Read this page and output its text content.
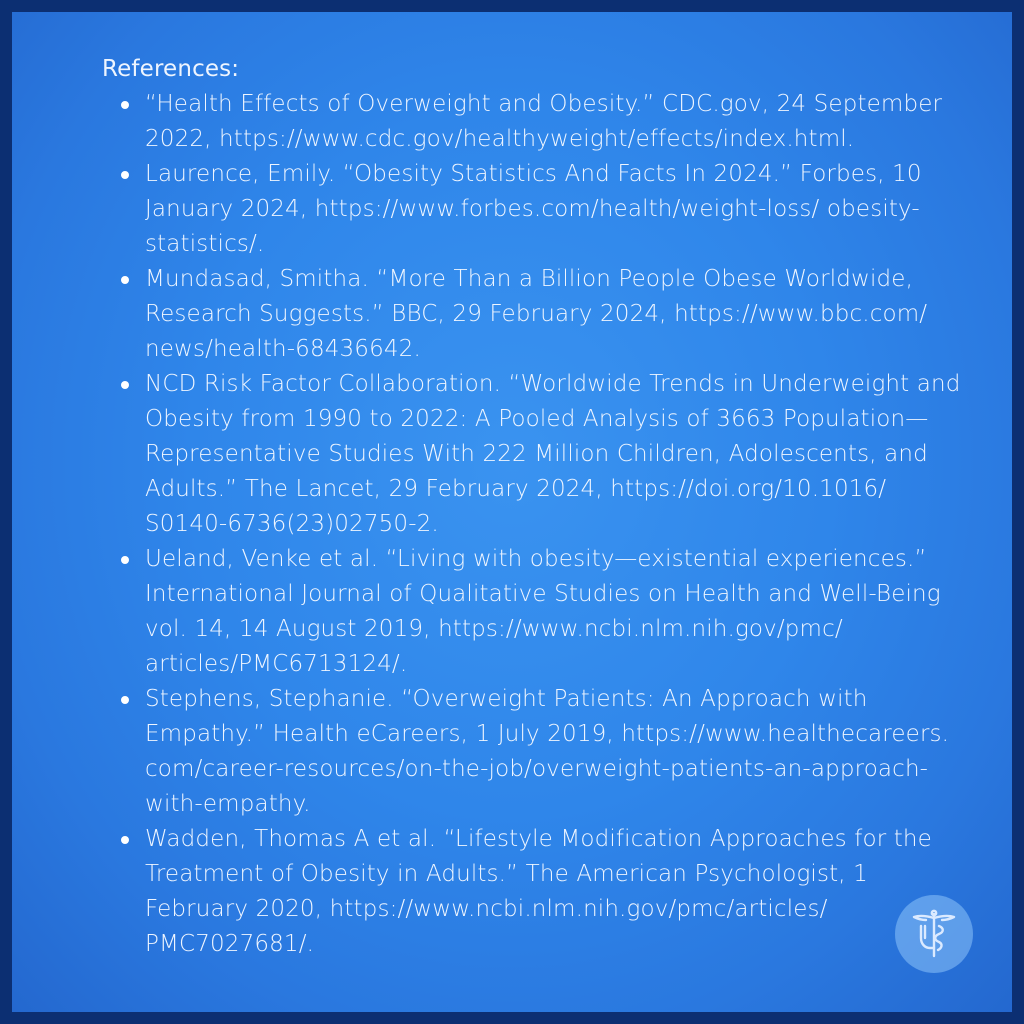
References:

“Health Effects of Overweight and Obesity.” CDC.gov, 24 September 2022, https://www.cdc.gov/healthyweight/effects/index.html.
Laurence, Emily. “Obesity Statistics And Facts In 2024.” Forbes, 10 January 2024, https://www.forbes.com/health/weight-loss/ obesity-statistics/.
Mundasad, Smitha. “More Than a Billion People Obese Worldwide, Research Suggests.” BBC, 29 February 2024, https://www.bbc.com/ news/health-68436642.
NCD Risk Factor Collaboration. “Worldwide Trends in Underweight and Obesity from 1990 to 2022: A Pooled Analysis of 3663 Population—Representative Studies With 222 Million Children, Adolescents, and Adults.” The Lancet, 29 February 2024, https://doi.org/10.1016/ S0140-6736(23)02750-2.
Ueland, Venke et al. “Living with obesity—existential experiences.” International Journal of Qualitative Studies on Health and Well-Being vol. 14, 14 August 2019, https://www.ncbi.nlm.nih.gov/pmc/ articles/PMC6713124/.
Stephens, Stephanie. “Overweight Patients: An Approach with Empathy.” Health eCareers, 1 July 2019, https://www.healthecareers. com/career-resources/on-the-job/overweight-patients-an-approach-with-empathy.
Wadden, Thomas A et al. “Lifestyle Modification Approaches for the Treatment of Obesity in Adults.” The American Psychologist, 1 February 2020, https://www.ncbi.nlm.nih.gov/pmc/articles/ PMC7027681/.
